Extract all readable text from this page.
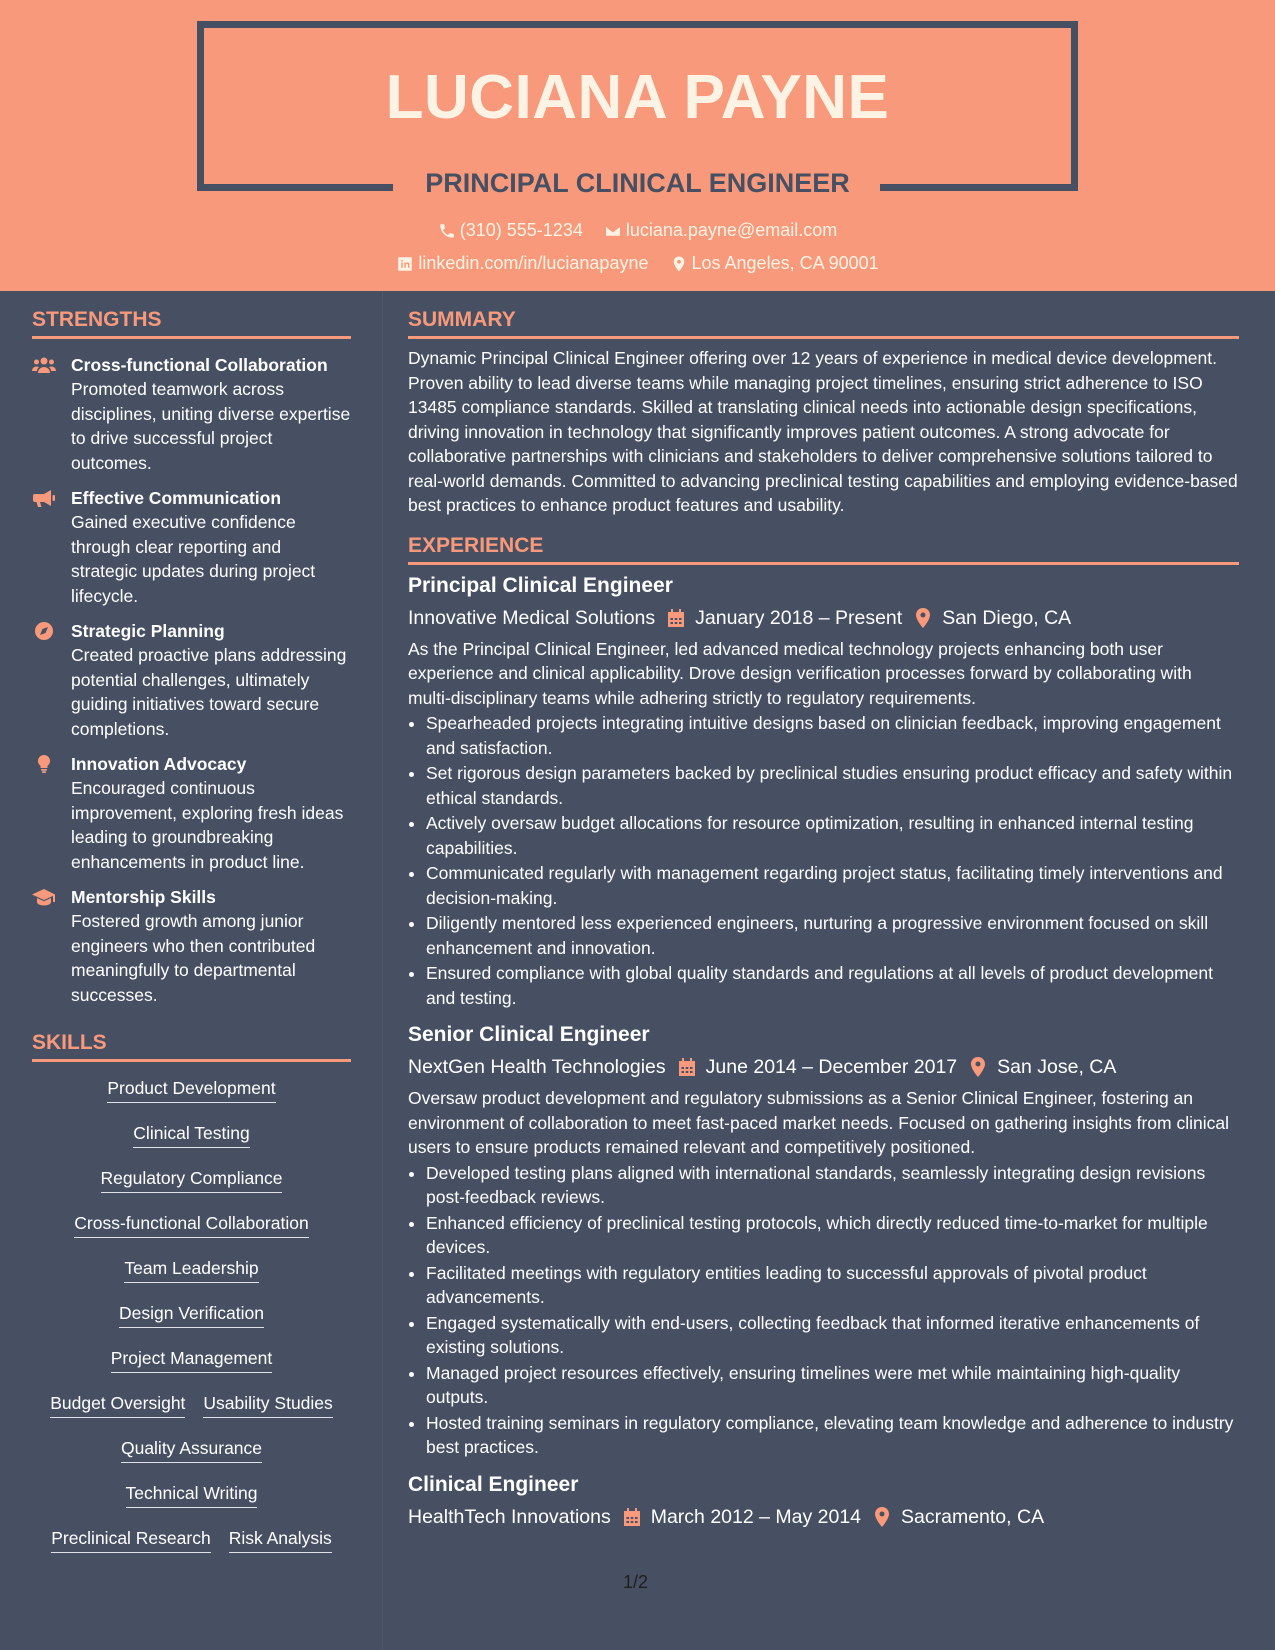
LUCIANA PAYNE
PRINCIPAL CLINICAL ENGINEER
(310) 555-1234
luciana.payne@email.com
linkedin.com/in/lucianapayne
Los Angeles, CA 90001
STRENGTHS
Cross-functional Collaboration
Promoted teamwork across disciplines, uniting diverse expertise to drive successful project outcomes.
Effective Communication
Gained executive confidence through clear reporting and strategic updates during project lifecycle.
Strategic Planning
Created proactive plans addressing potential challenges, ultimately guiding initiatives toward secure completions.
Innovation Advocacy
Encouraged continuous improvement, exploring fresh ideas leading to groundbreaking enhancements in product line.
Mentorship Skills
Fostered growth among junior engineers who then contributed meaningfully to departmental successes.
SKILLS
Product Development
Clinical Testing
Regulatory Compliance
Cross-functional Collaboration
Team Leadership
Design Verification
Project Management
Budget Oversight Usability Studies
Quality Assurance
Technical Writing
Preclinical Research Risk Analysis
SUMMARY
Dynamic Principal Clinical Engineer offering over 12 years of experience in medical device development. Proven ability to lead diverse teams while managing project timelines, ensuring strict adherence to ISO 13485 compliance standards. Skilled at translating clinical needs into actionable design specifications, driving innovation in technology that significantly improves patient outcomes. A strong advocate for collaborative partnerships with clinicians and stakeholders to deliver comprehensive solutions tailored to real-world demands. Committed to advancing preclinical testing capabilities and employing evidence-based best practices to enhance product features and usability.
EXPERIENCE
Principal Clinical Engineer
Innovative Medical Solutions January 2018 – Present San Diego, CA
As the Principal Clinical Engineer, led advanced medical technology projects enhancing both user experience and clinical applicability. Drove design verification processes forward by collaborating with multi-disciplinary teams while adhering strictly to regulatory requirements.
• Spearheaded projects integrating intuitive designs based on clinician feedback, improving engagement and satisfaction.
• Set rigorous design parameters backed by preclinical studies ensuring product efficacy and safety within ethical standards.
• Actively oversaw budget allocations for resource optimization, resulting in enhanced internal testing capabilities.
• Communicated regularly with management regarding project status, facilitating timely interventions and decision-making.
• Diligently mentored less experienced engineers, nurturing a progressive environment focused on skill enhancement and innovation.
• Ensured compliance with global quality standards and regulations at all levels of product development and testing.
Senior Clinical Engineer
NextGen Health Technologies June 2014 – December 2017 San Jose, CA
Oversaw product development and regulatory submissions as a Senior Clinical Engineer, fostering an environment of collaboration to meet fast-paced market needs. Focused on gathering insights from clinical users to ensure products remained relevant and competitively positioned.
• Developed testing plans aligned with international standards, seamlessly integrating design revisions post-feedback reviews.
• Enhanced efficiency of preclinical testing protocols, which directly reduced time-to-market for multiple devices.
• Facilitated meetings with regulatory entities leading to successful approvals of pivotal product advancements.
• Engaged systematically with end-users, collecting feedback that informed iterative enhancements of existing solutions.
• Managed project resources effectively, ensuring timelines were met while maintaining high-quality outputs.
• Hosted training seminars in regulatory compliance, elevating team knowledge and adherence to industry best practices.
Clinical Engineer
HealthTech Innovations March 2012 – May 2014 Sacramento, CA
1/2
